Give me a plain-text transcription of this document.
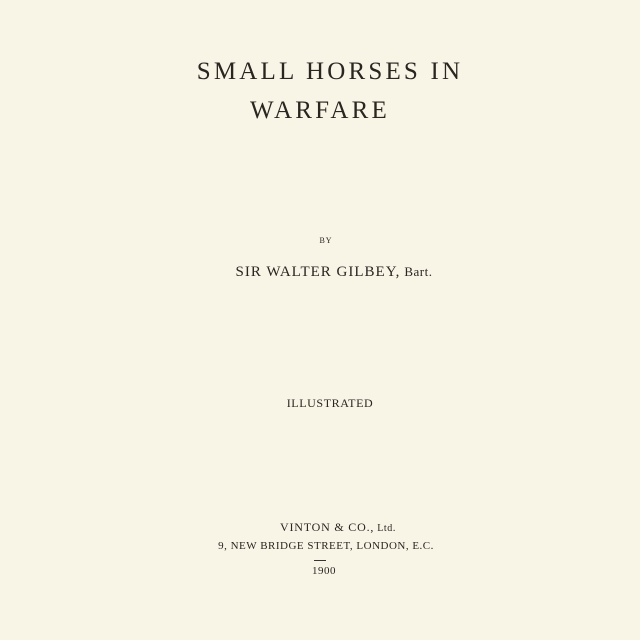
SMALL HORSES IN
WARFARE
BY
SIR WALTER GILBEY, Bart.
ILLUSTRATED
VINTON & CO., Ltd.
9, NEW BRIDGE STREET, LONDON, E.C.
1900
